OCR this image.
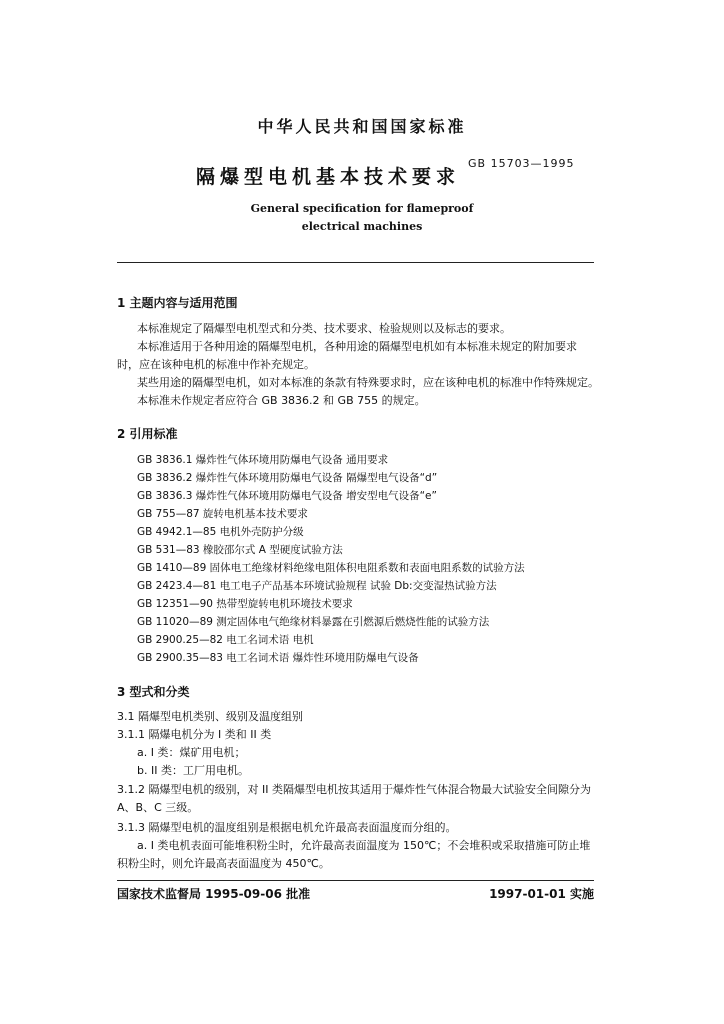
中华人民共和国国家标准
隔爆型电机基本技术要求
GB 15703—1995
General specification for flameproof
electrical machines
1 主题内容与适用范围
本标准规定了隔爆型电机型式和分类、技术要求、检验规则以及标志的要求。
本标准适用于各种用途的隔爆型电机，各种用途的隔爆型电机如有本标准未规定的附加要求时，应在该种电机的标准中作补充规定。
某些用途的隔爆型电机，如对本标准的条款有特殊要求时，应在该种电机的标准中作特殊规定。
本标准未作规定者应符合 GB 3836.2 和 GB 755 的规定。
2 引用标准
GB 3836.1 爆炸性气体环境用防爆电气设备 通用要求
GB 3836.2 爆炸性气体环境用防爆电气设备 隔爆型电气设备“d”
GB 3836.3 爆炸性气体环境用防爆电气设备 增安型电气设备“e”
GB 755—87 旋转电机基本技术要求
GB 4942.1—85 电机外壳防护分级
GB 531—83 橡胶邵尔式 A 型硬度试验方法
GB 1410—89 固体电工绝缘材料绝缘电阻体积电阻系数和表面电阻系数的试验方法
GB 2423.4—81 电工电子产品基本环境试验规程 试验 Db:交变湿热试验方法
GB 12351—90 热带型旋转电机环境技术要求
GB 11020—89 测定固体电气绝缘材料暴露在引燃源后燃烧性能的试验方法
GB 2900.25—82 电工名词术语 电机
GB 2900.35—83 电工名词术语 爆炸性环境用防爆电气设备
3 型式和分类
3.1 隔爆型电机类别、级别及温度组别
3.1.1 隔爆电机分为 I 类和 II 类
a. I 类：煤矿用电机；
b. II 类：工厂用电机。
3.1.2 隔爆型电机的级别，对 II 类隔爆型电机按其适用于爆炸性气体混合物最大试验安全间隙分为 A、B、C 三级。
3.1.3 隔爆型电机的温度组别是根据电机允许最高表面温度而分组的。
a. I 类电机表面可能堆积粉尘时，允许最高表面温度为 150℃；不会堆积或采取措施可防止堆积粉尘时，则允许最高表面温度为 450℃。
国家技术监督局 1995-09-06 批准	1997-01-01 实施
